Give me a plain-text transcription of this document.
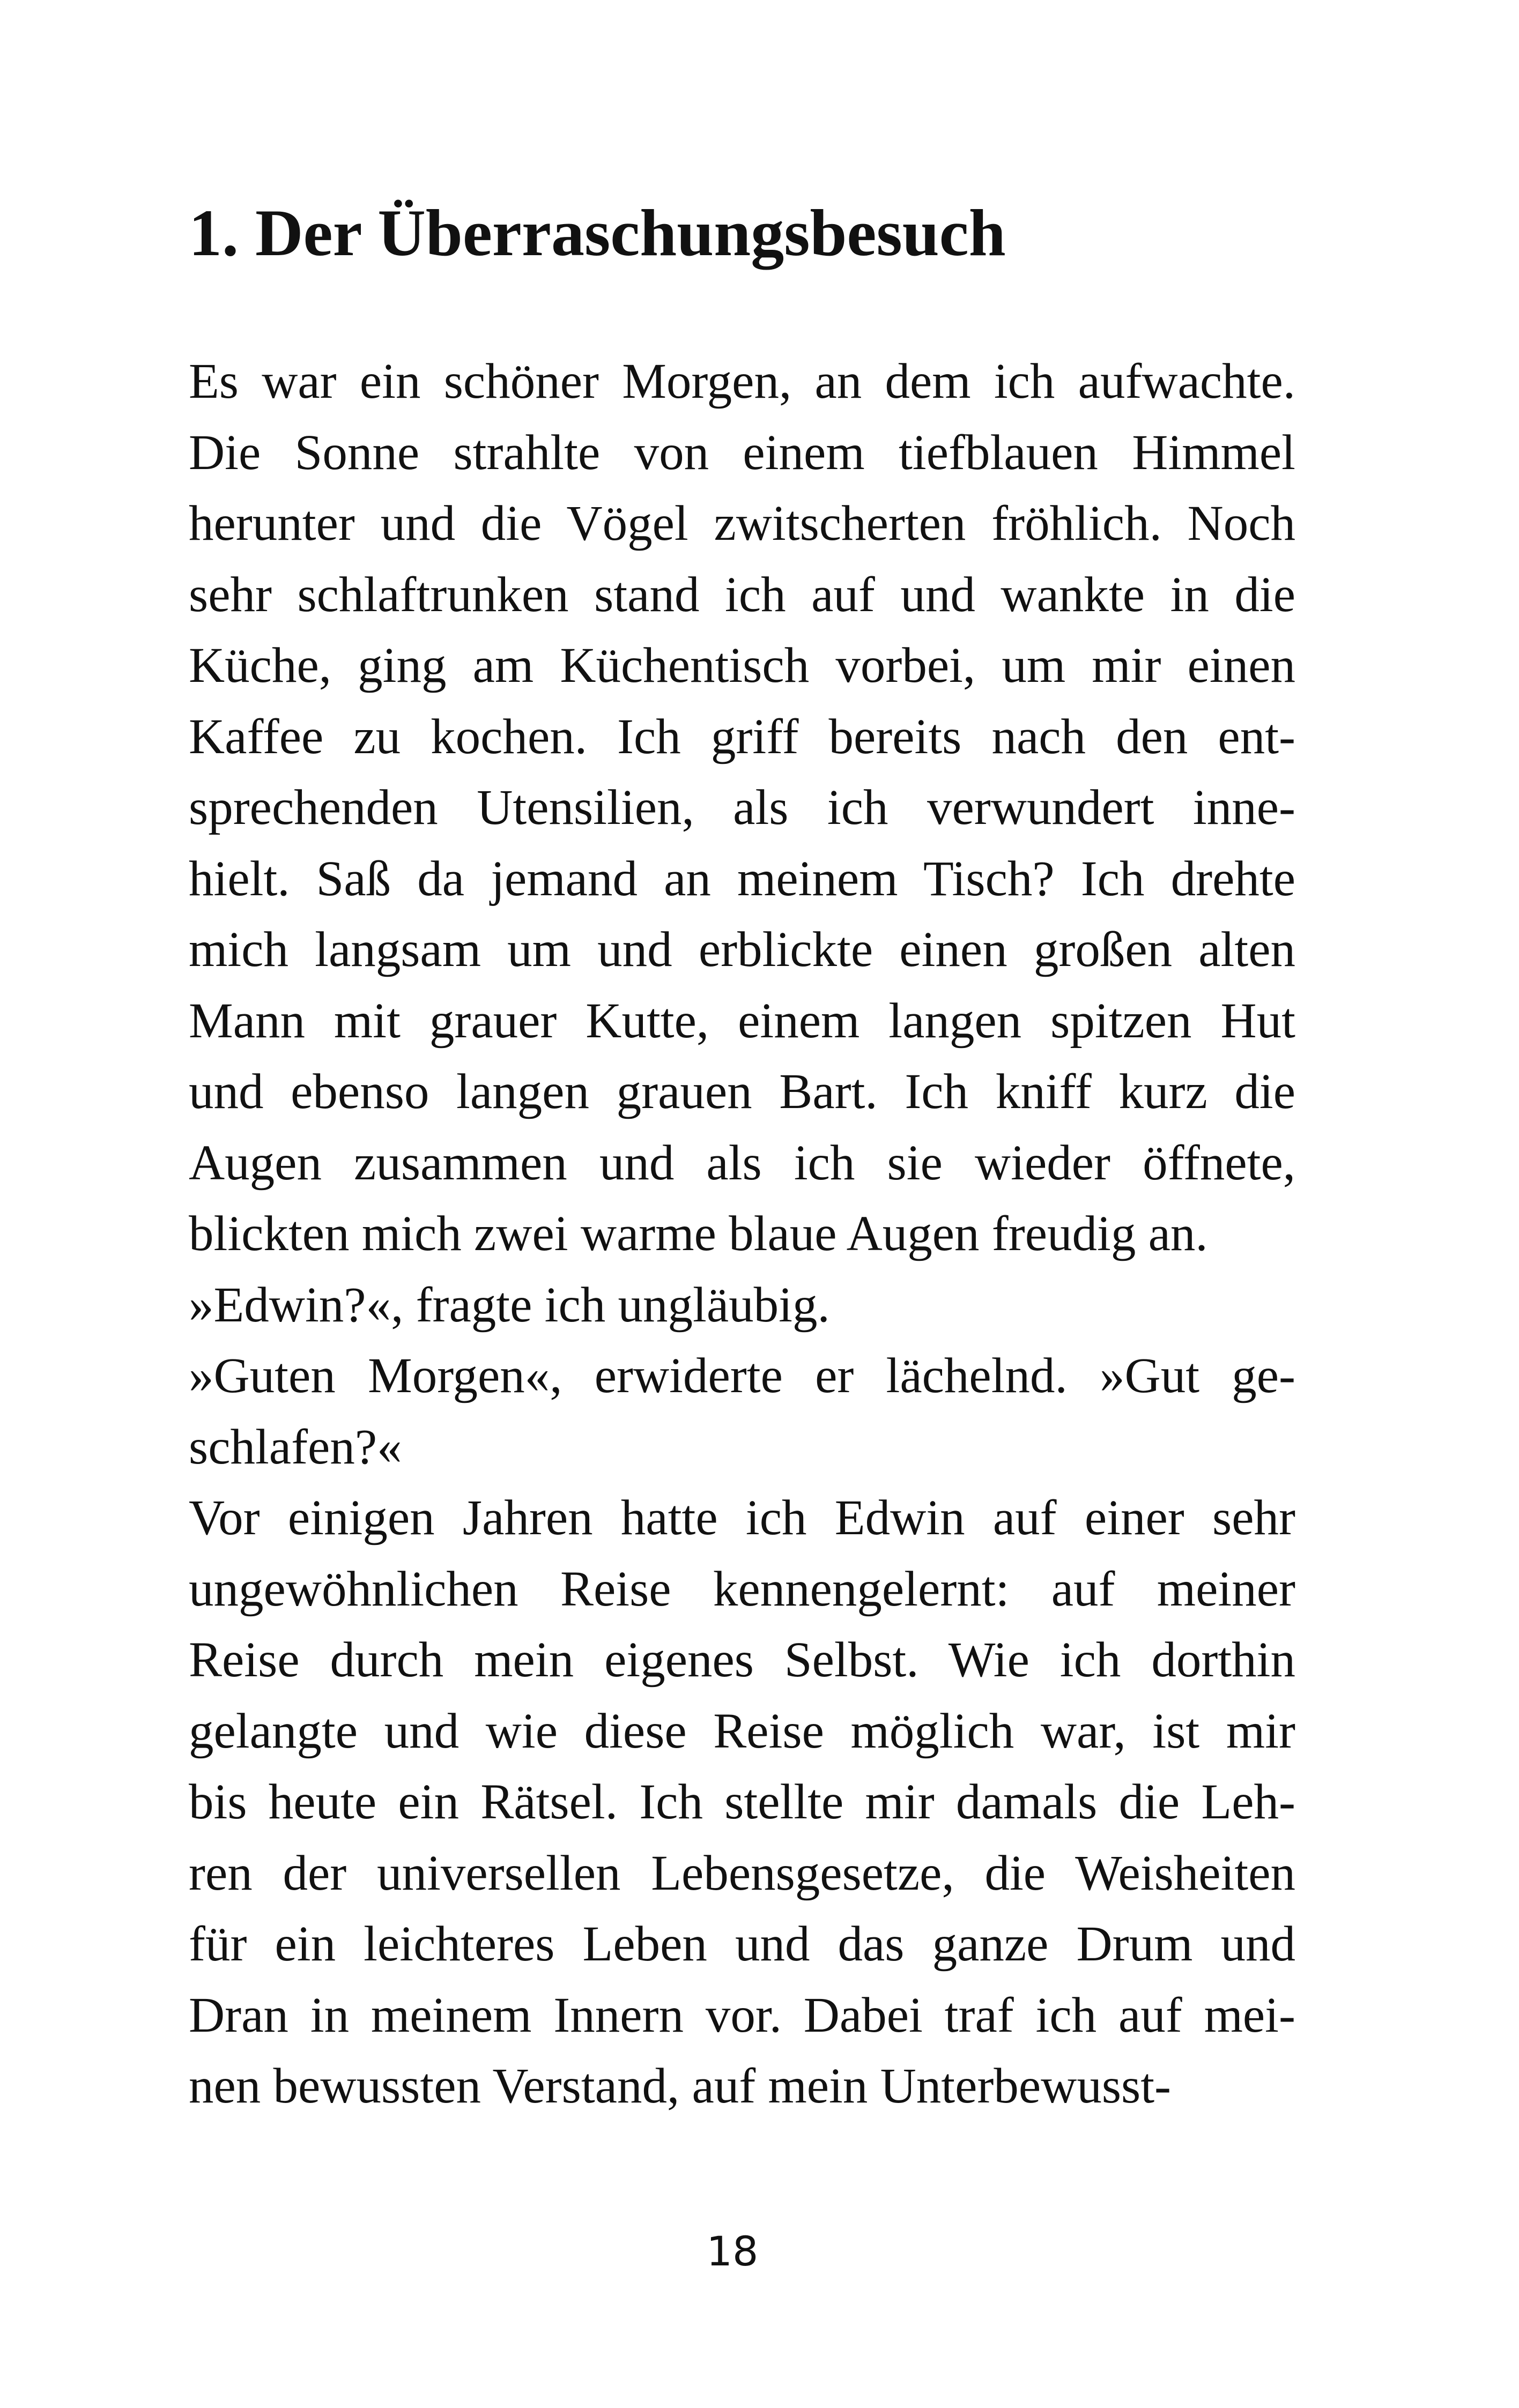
1. Der Überraschungsbesuch
Es war ein schöner Morgen, an dem ich aufwachte.
Die Sonne strahlte von einem tiefblauen Himmel
herunter und die Vögel zwitscherten fröhlich. Noch
sehr schlaftrunken stand ich auf und wankte in die
Küche, ging am Küchentisch vorbei, um mir einen
Kaffee zu kochen. Ich griff bereits nach den ent-
sprechenden Utensilien, als ich verwundert inne-
hielt. Saß da jemand an meinem Tisch? Ich drehte
mich langsam um und erblickte einen großen alten
Mann mit grauer Kutte, einem langen spitzen Hut
und ebenso langen grauen Bart. Ich kniff kurz die
Augen zusammen und als ich sie wieder öffnete,
blickten mich zwei warme blaue Augen freudig an.
»Edwin?«, fragte ich ungläubig.
»Guten Morgen«, erwiderte er lächelnd. »Gut ge-
schlafen?«
Vor einigen Jahren hatte ich Edwin auf einer sehr
ungewöhnlichen Reise kennengelernt: auf meiner
Reise durch mein eigenes Selbst. Wie ich dorthin
gelangte und wie diese Reise möglich war, ist mir
bis heute ein Rätsel. Ich stellte mir damals die Leh-
ren der universellen Lebensgesetze, die Weisheiten
für ein leichteres Leben und das ganze Drum und
Dran in meinem Innern vor. Dabei traf ich auf mei-
nen bewussten Verstand, auf mein Unterbewusst-
18
